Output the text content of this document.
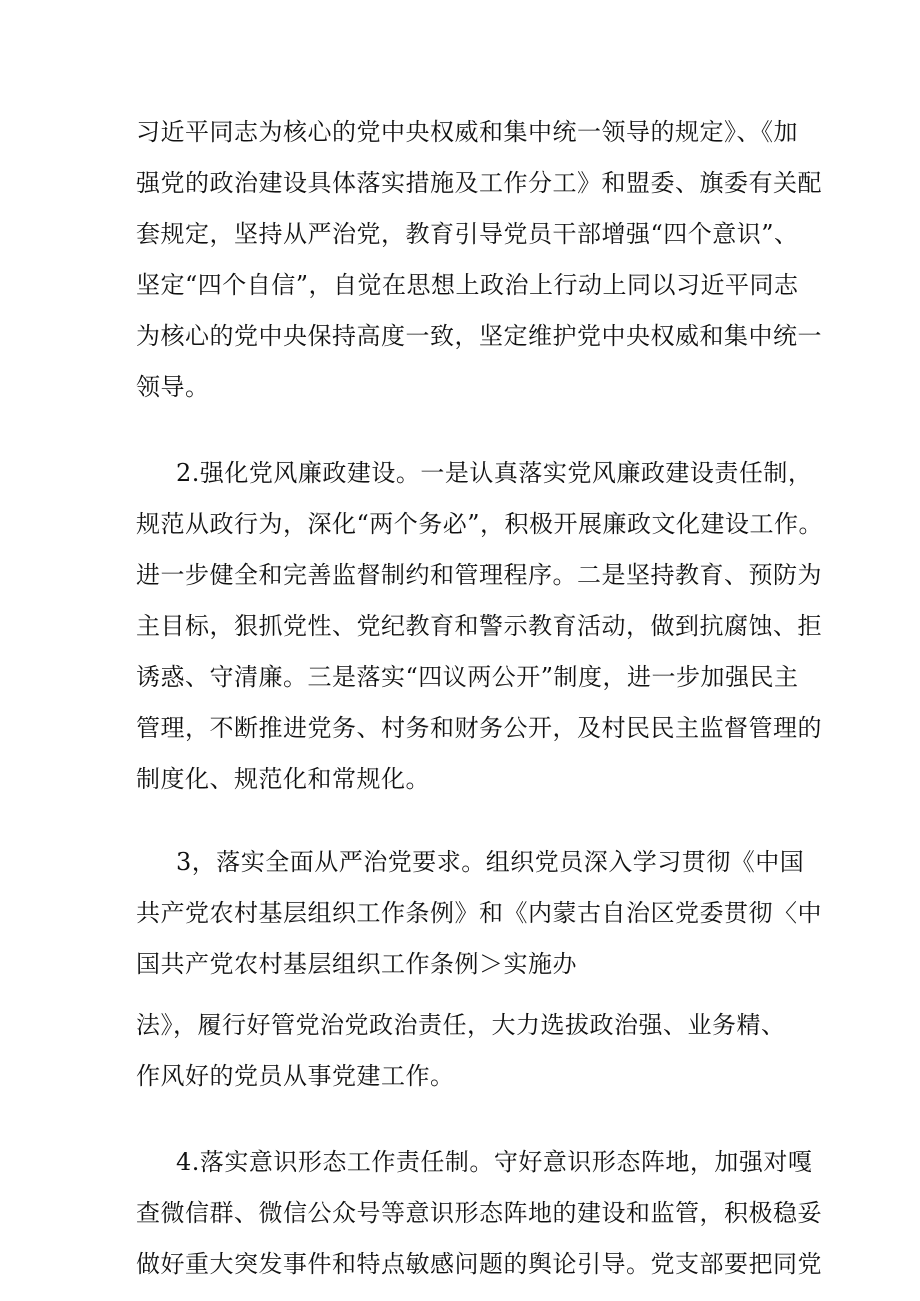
习近平同志为核心的党中央权威和集中统一领导的规定》、《加
强党的政治建设具体落实措施及工作分工》和盟委、旗委有关配
套规定，坚持从严治党，教育引导党员干部增强“四个意识”、
坚定“四个自信”，自觉在思想上政治上行动上同以习近平同志
为核心的党中央保持高度一致，坚定维护党中央权威和集中统一
领导。
2.强化党风廉政建设。一是认真落实党风廉政建设责任制，
规范从政行为，深化“两个务必”，积极开展廉政文化建设工作。
进一步健全和完善监督制约和管理程序。二是坚持教育、预防为
主目标，狠抓党性、党纪教育和警示教育活动，做到抗腐蚀、拒
诱惑、守清廉。三是落实“四议两公开”制度，进一步加强民主
管理，不断推进党务、村务和财务公开，及村民民主监督管理的
制度化、规范化和常规化。
3，落实全面从严治党要求。组织党员深入学习贯彻《中国
共产党农村基层组织工作条例》和《内蒙古自治区党委贯彻〈中
国共产党农村基层组织工作条例＞实施办
法》，履行好管党治党政治责任，大力选拔政治强、业务精、
作风好的党员从事党建工作。
4.落实意识形态工作责任制。守好意识形态阵地，加强对嘎
查微信群、微信公众号等意识形态阵地的建设和监管，积极稳妥
做好重大突发事件和特点敏感问题的舆论引导。党支部要把同党
